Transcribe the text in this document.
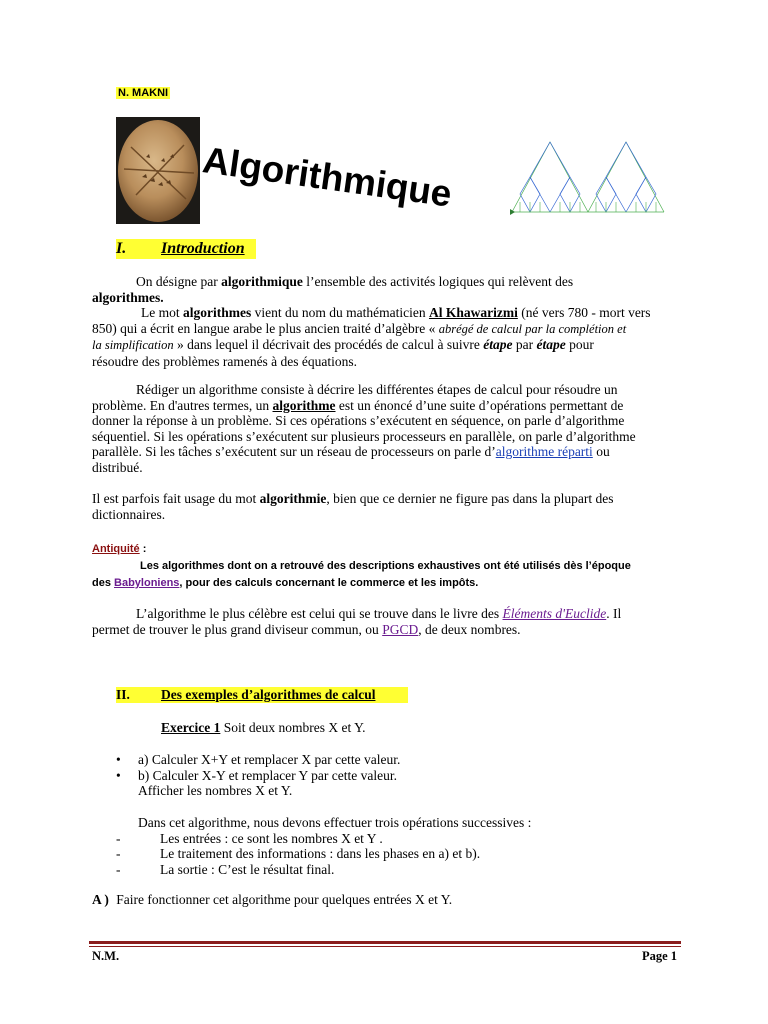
N. MAKNI
Algorithmique
I. Introduction
On désigne par algorithmique l’ensemble des activités logiques qui relèvent des
algorithmes.
Le mot algorithmes vient du nom du mathématicien Al Khawarizmi (né vers 780 - mort vers
850) qui a écrit en langue arabe le plus ancien traité d’algèbre « abrégé de calcul par la complétion et
la simplification » dans lequel il décrivait des procédés de calcul à suivre étape par étape pour
résoudre des problèmes ramenés à des équations.
Rédiger un algorithme consiste à décrire les différentes étapes de calcul pour résoudre un
problème. En d'autres termes, un algorithme est un énoncé d’une suite d’opérations permettant de
donner la réponse à un problème. Si ces opérations s’exécutent en séquence, on parle d’algorithme
séquentiel. Si les opérations s’exécutent sur plusieurs processeurs en parallèle, on parle d’algorithme
parallèle. Si les tâches s’exécutent sur un réseau de processeurs on parle d’algorithme réparti ou
distribué.
Il est parfois fait usage du mot algorithmie, bien que ce dernier ne figure pas dans la plupart des
dictionnaires.
Antiquité :
Les algorithmes dont on a retrouvé des descriptions exhaustives ont été utilisés dès l’époque
des Babyloniens, pour des calculs concernant le commerce et les impôts.
L’algorithme le plus célèbre est celui qui se trouve dans le livre des Éléments d'Euclide. Il
permet de trouver le plus grand diviseur commun, ou PGCD, de deux nombres.
II. Des exemples d’algorithmes de calcul
Exercice 1 Soit deux nombres X et Y.
• a) Calculer X+Y et remplacer X par cette valeur.
• b) Calculer X-Y et remplacer Y par cette valeur.
Afficher les nombres X et Y.
Dans cet algorithme, nous devons effectuer trois opérations successives :
-	Les entrées : ce sont les nombres X et Y .
-	Le traitement des informations : dans les phases en a) et b).
-	La sortie : C’est le résultat final.
A ) Faire fonctionner cet algorithme pour quelques entrées X et Y.
N.M.	Page 1
